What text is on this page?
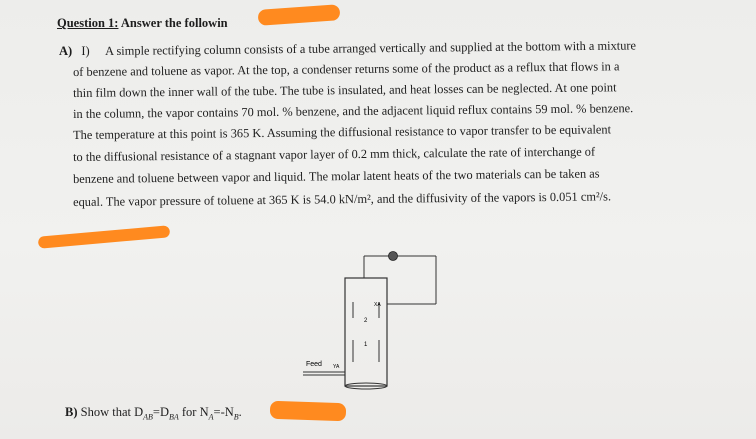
Question 1: Answer the followin
A) I) A simple rectifying column consists of a tube arranged vertically and supplied at the bottom with a mixture
of benzene and toluene as vapor. At the top, a condenser returns some of the product as a reflux that flows in a
thin film down the inner wall of the tube. The tube is insulated, and heat losses can be neglected. At one point
in the column, the vapor contains 70 mol. % benzene, and the adjacent liquid reflux contains 59 mol. % benzene.
The temperature at this point is 365 K. Assuming the diffusional resistance to vapor transfer to be equivalent
to the diffusional resistance of a stagnant vapor layer of 0.2 mm thick, calculate the rate of interchange of
benzene and toluene between vapor and liquid. The molar latent heats of the two materials can be taken as
equal. The vapor pressure of toluene at 365 K is 54.0 kN/m², and the diffusivity of the vapors is 0.051 cm²/s.
Feed YA
XA
2
1
B) Show that $D_{AB}=D_{BA}$ for $N_A=-N_B$.
